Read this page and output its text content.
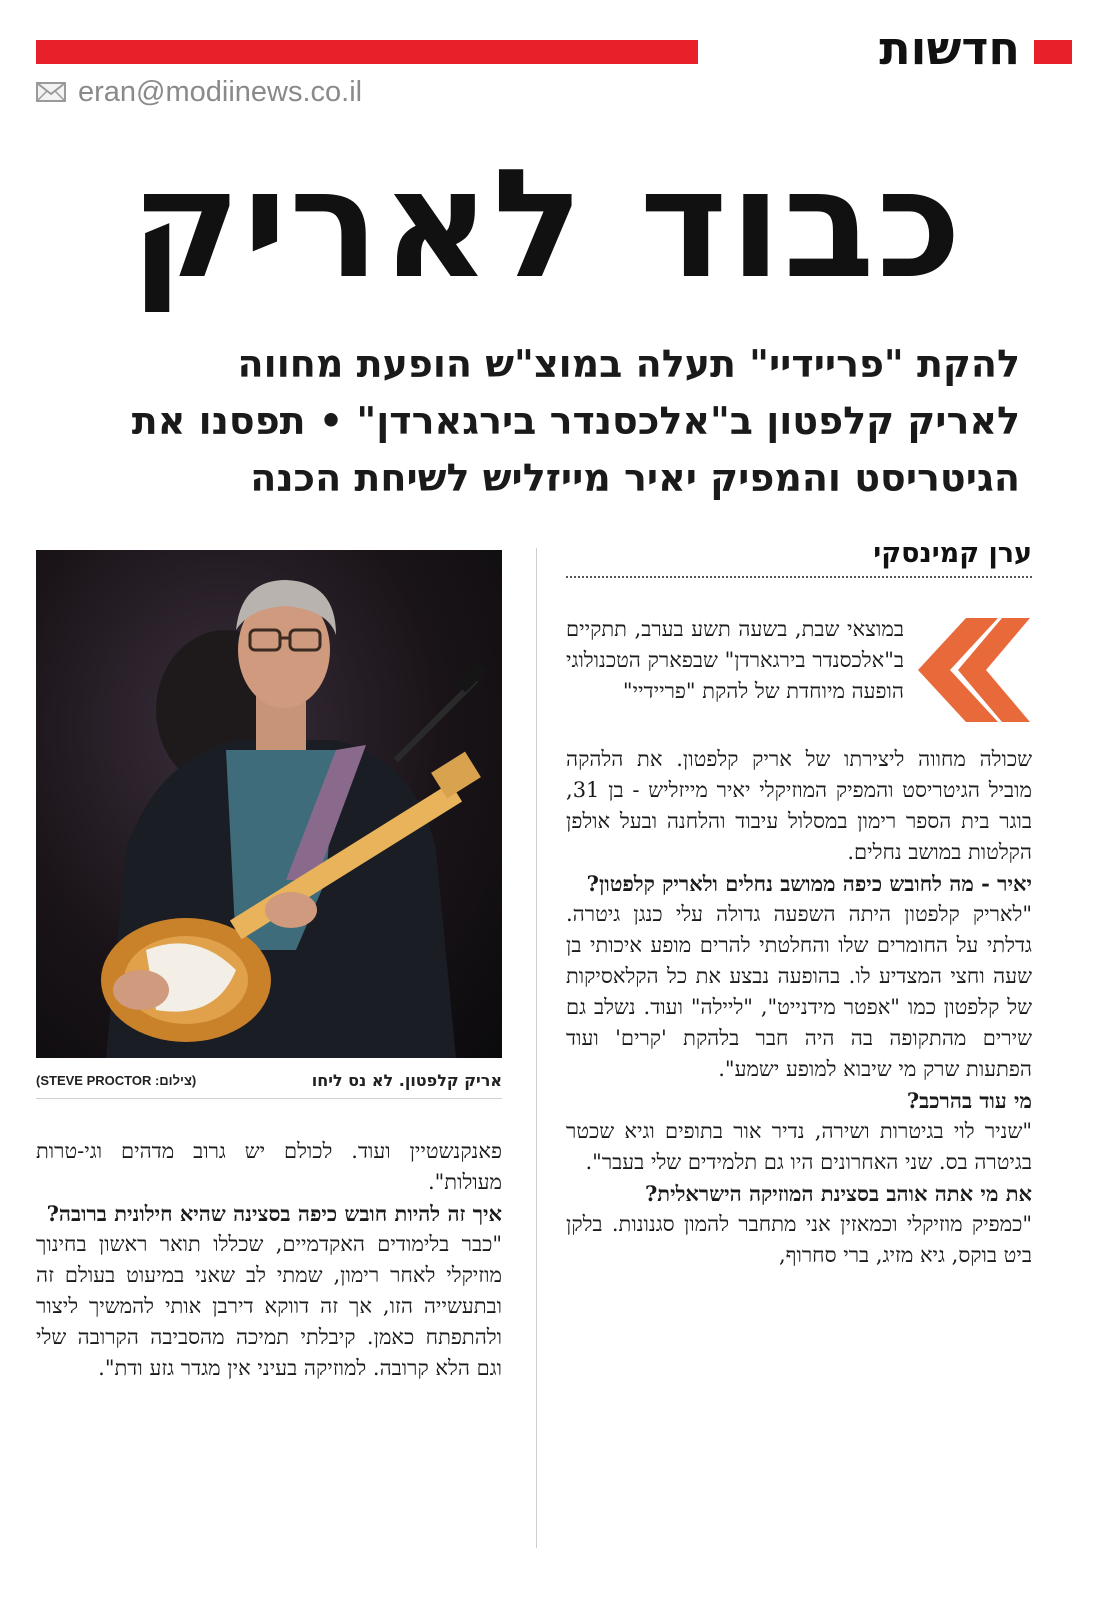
חדשות
eran@modiinews.co.il
כבוד לאריק
להקת "פריידיי" תעלה במוצ"ש הופעת מחווה
לאריק קלפטון ב"אלכסנדר בירגארדן" • תפסנו את
הגיטריסט והמפיק יאיר מייזליש לשיחת הכנה
אריק קלפטון. לא נס ליחו
(צילום: STEVE PROCTOR)
ערן קמינסקי

במוצאי שבת, בשעה תשע בערב, תתקיים ב"אלכסנדר בירגארדן" שבפארק הטכנולוגי הופעה מיוחדת של להקת "פריידיי"

שכולה מחווה ליצירתו של אריק קלפטון. את הלהקה מוביל הגיטריסט והמפיק המוזיקלי יאיר מייזליש - בן 31, בוגר בית הספר רימון במסלול עיבוד והלחנה ובעל אולפן הקלטות במושב נחלים.

יאיר - מה לחובש כיפה ממושב נחלים ולאריק קלפטון?

"לאריק קלפטון היתה השפעה גדולה עלי כנגן גיטרה. גדלתי על החומרים שלו והחלטתי להרים מופע איכותי בן שעה וחצי המצדיע לו. בהופעה נבצע את כל הקלאסיקות של קלפטון כמו "אפטר מידנייט", "ליילה" ועוד. נשלב גם שירים מהתקופה בה היה חבר בלהקת 'קרים' ועוד הפתעות שרק מי שיבוא למופע ישמע".

מי עוד בהרכב?

"שניר לוי בגיטרות ושירה, נדיר אור בתופים וגיא שכטר בגיטרה בס. שני האחרונים היו גם תלמידים שלי בעבר".

את מי אתה אוהב בסצינת המוזיקה הישראלית?

"כמפיק מוזיקלי וכמאזין אני מתחבר להמון סגנונות. בלקן ביט בוקס, גיא מזיג, ברי סחרוף,

פאנקנשטיין ועוד. לכולם יש גרוב מדהים וגי-טרות מעולות".

איך זה להיות חובש כיפה בסצינה שהיא חילונית ברובה?

"כבר בלימודים האקדמיים, שכללו תואר ראשון בחינוך מוזיקלי לאחר רימון, שמתי לב שאני במיעוט בעולם זה ובתעשייה הזו, אך זה דווקא דירבן אותי להמשיך ליצור ולהתפתח כאמן. קיבלתי תמיכה מהסביבה הקרובה שלי וגם הלא קרובה. למוזיקה בעיני אין מגדר גזע ודת".
